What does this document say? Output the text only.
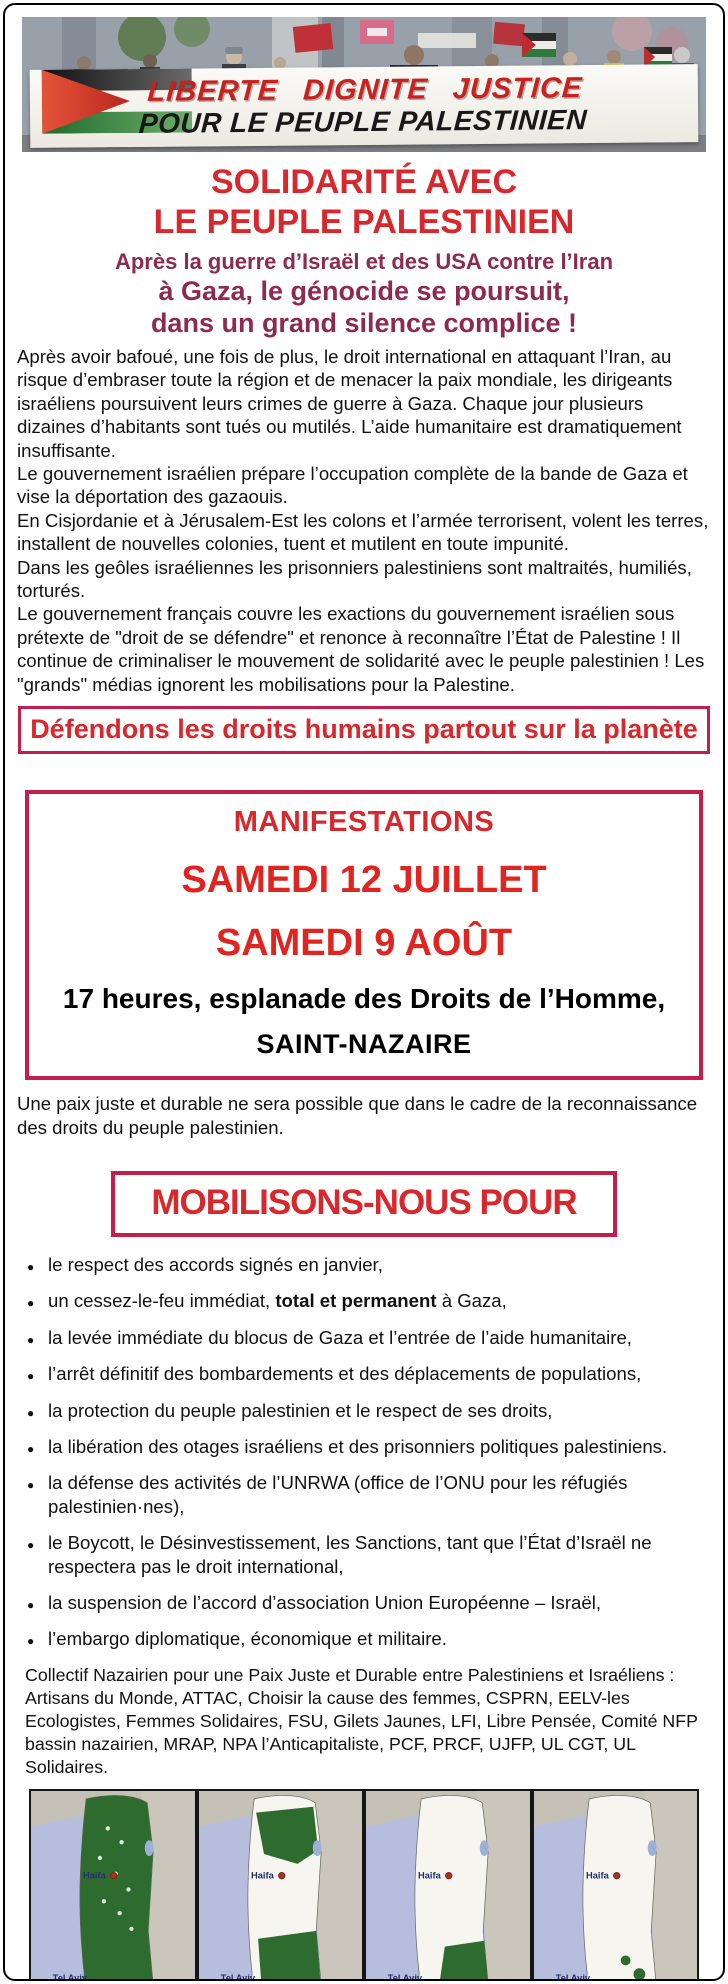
LIBERTE DIGNITE JUSTICE
POUR LE PEUPLE PALESTINIEN
SOLIDARITÉ AVEC
LE PEUPLE PALESTINIEN
Après la guerre d’Israël et des USA contre l’Iran
à Gaza, le génocide se poursuit,
dans un grand silence complice !

Après avoir bafoué, une fois de plus, le droit international en attaquant l’Iran, au risque d’embraser toute la région et de menacer la paix mondiale, les dirigeants israéliens poursuivent leurs crimes de guerre à Gaza. Chaque jour plusieurs dizaines d’habitants sont tués ou mutilés. L’aide humanitaire est dramatiquement insuffisante.

Le gouvernement israélien prépare l’occupation complète de la bande de Gaza et vise la déportation des gazaouis.

En Cisjordanie et à Jérusalem-Est les colons et l’armée terrorisent, volent les terres, installent de nouvelles colonies, tuent et mutilent en toute impunité.

Dans les geôles israéliennes les prisonniers palestiniens sont maltraités, humiliés, torturés.

Le gouvernement français couvre les exactions du gouvernement israélien sous prétexte de "droit de se défendre" et renonce à reconnaître l’État de Palestine ! Il continue de criminaliser le mouvement de solidarité avec le peuple palestinien ! Les "grands" médias ignorent les mobilisations pour la Palestine.

Défendons les droits humains partout sur la planète
MANIFESTATIONS
SAMEDI 12 JUILLET
SAMEDI 9 AOÛT
17 heures, esplanade des Droits de l’Homme,
SAINT-NAZAIRE

Une paix juste et durable ne sera possible que dans le cadre de la reconnaissance des droits du peuple palestinien.

MOBILISONS-NOUS POUR
● le respect des accords signés en janvier,
● un cessez-le-feu immédiat, total et permanent à Gaza,
● la levée immédiate du blocus de Gaza et l’entrée de l’aide humanitaire,
● l’arrêt définitif des bombardements et des déplacements de populations,
● la protection du peuple palestinien et le respect de ses droits,
● la libération des otages israéliens et des prisonniers politiques palestiniens.
● la défense des activités de l’UNRWA (office de l’ONU pour les réfugiés palestinien·nes),
● le Boycott, le Désinvestissement, les Sanctions, tant que l’État d’Israël ne respectera pas le droit international,
● la suspension de l’accord d’association Union Européenne – Israël,
● l’embargo diplomatique, économique et militaire.
Collectif Nazairien pour une Paix Juste et Durable entre Palestiniens et Israéliens : Artisans du Monde, ATTAC, Choisir la cause des femmes, CSPRN, EELV-les Ecologistes, Femmes Solidaires, FSU, Gilets Jaunes, LFI, Libre Pensée, Comité NFP bassin nazairien, MRAP, NPA l’Anticapitaliste, PCF, PRCF, UJFP, UL CGT, UL Solidaires.
